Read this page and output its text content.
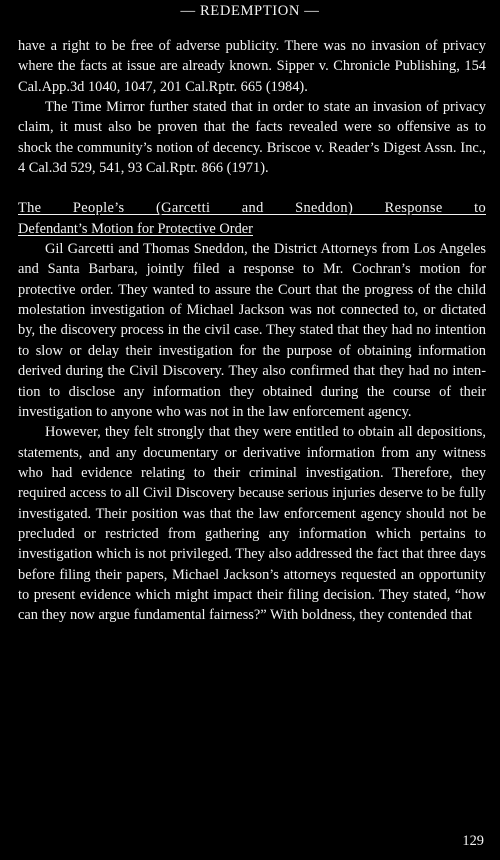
— REDEMPTION —

have a right to be free of adverse publicity. There was no invasion of privacy where the facts at issue are already known. Sipper v. Chronicle Publishing, 154 Cal.App.3d 1040, 1047, 201 Cal.Rptr. 665 (1984).

The Time Mirror further stated that in order to state an invasion of privacy claim, it must also be proven that the facts revealed were so offensive as to shock the community’s notion of decency. Briscoe v. Reader’s Digest Assn. Inc., 4 Cal.3d 529, 541, 93 Cal.Rptr. 866 (1971).

The People’s (Garcetti and Sneddon) Response to
Defendant’s Motion for Protective Order

Gil Garcetti and Thomas Sneddon, the District Attorneys from Los Angeles and Santa Barbara, jointly filed a response to Mr. Cochran’s motion for protective order. They wanted to assure the Court that the progress of the child molestation investigation of Michael Jackson was not connected to, or dictated by, the discovery process in the civil case. They stated that they had no intention to slow or delay their investigation for the purpose of obtaining information derived during the Civil Discovery. They also confirmed that they had no intention to disclose any information they obtained during the course of their investigation to anyone who was not in the law enforcement agency.

However, they felt strongly that they were entitled to obtain all depositions, statements, and any documentary or derivative information from any witness who had evidence relating to their criminal investigation. Therefore, they required access to all Civil Discovery because serious injuries deserve to be fully investigated. Their position was that the law enforcement agency should not be precluded or restricted from gathering any information which pertains to investigation which is not privileged. They also addressed the fact that three days before filing their papers, Michael Jackson’s attorneys requested an opportunity to present evidence which might impact their filing decision. They stated, “how can they now argue fundamental fairness?” With boldness, they contended that

129
